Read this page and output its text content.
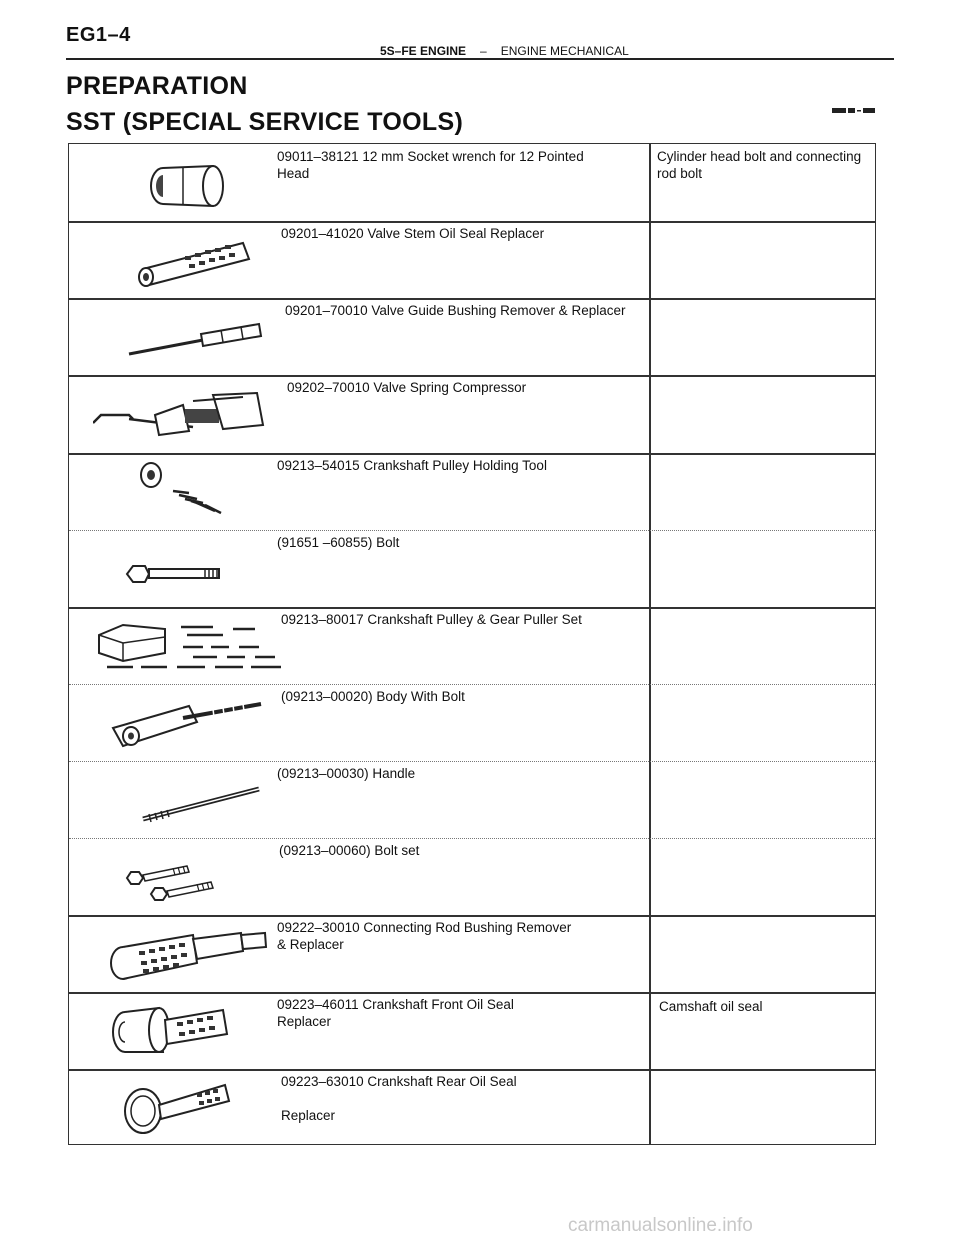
EG1–4
5S–FE ENGINE – ENGINE MECHANICAL
PREPARATION
SST (SPECIAL SERVICE TOOLS)
09011–38121 12 mm Socket wrench for 12 Pointed
Head
Cylinder head bolt and connecting rod bolt
09201–41020 Valve Stem Oil Seal Replacer
09201–70010 Valve Guide Bushing Remover & Replacer
09202–70010 Valve Spring Compressor
09213–54015 Crankshaft Pulley Holding Tool
(91651 –60855) Bolt
09213–80017 Crankshaft Pulley & Gear Puller Set
(09213–00020) Body With Bolt
(09213–00030) Handle
(09213–00060) Bolt set
09222–30010 Connecting Rod Bushing Remover
& Replacer
09223–46011 Crankshaft Front Oil Seal
Replacer
Camshaft oil seal
09223–63010 Crankshaft Rear Oil Seal

Replacer
carmanualsonline.info
